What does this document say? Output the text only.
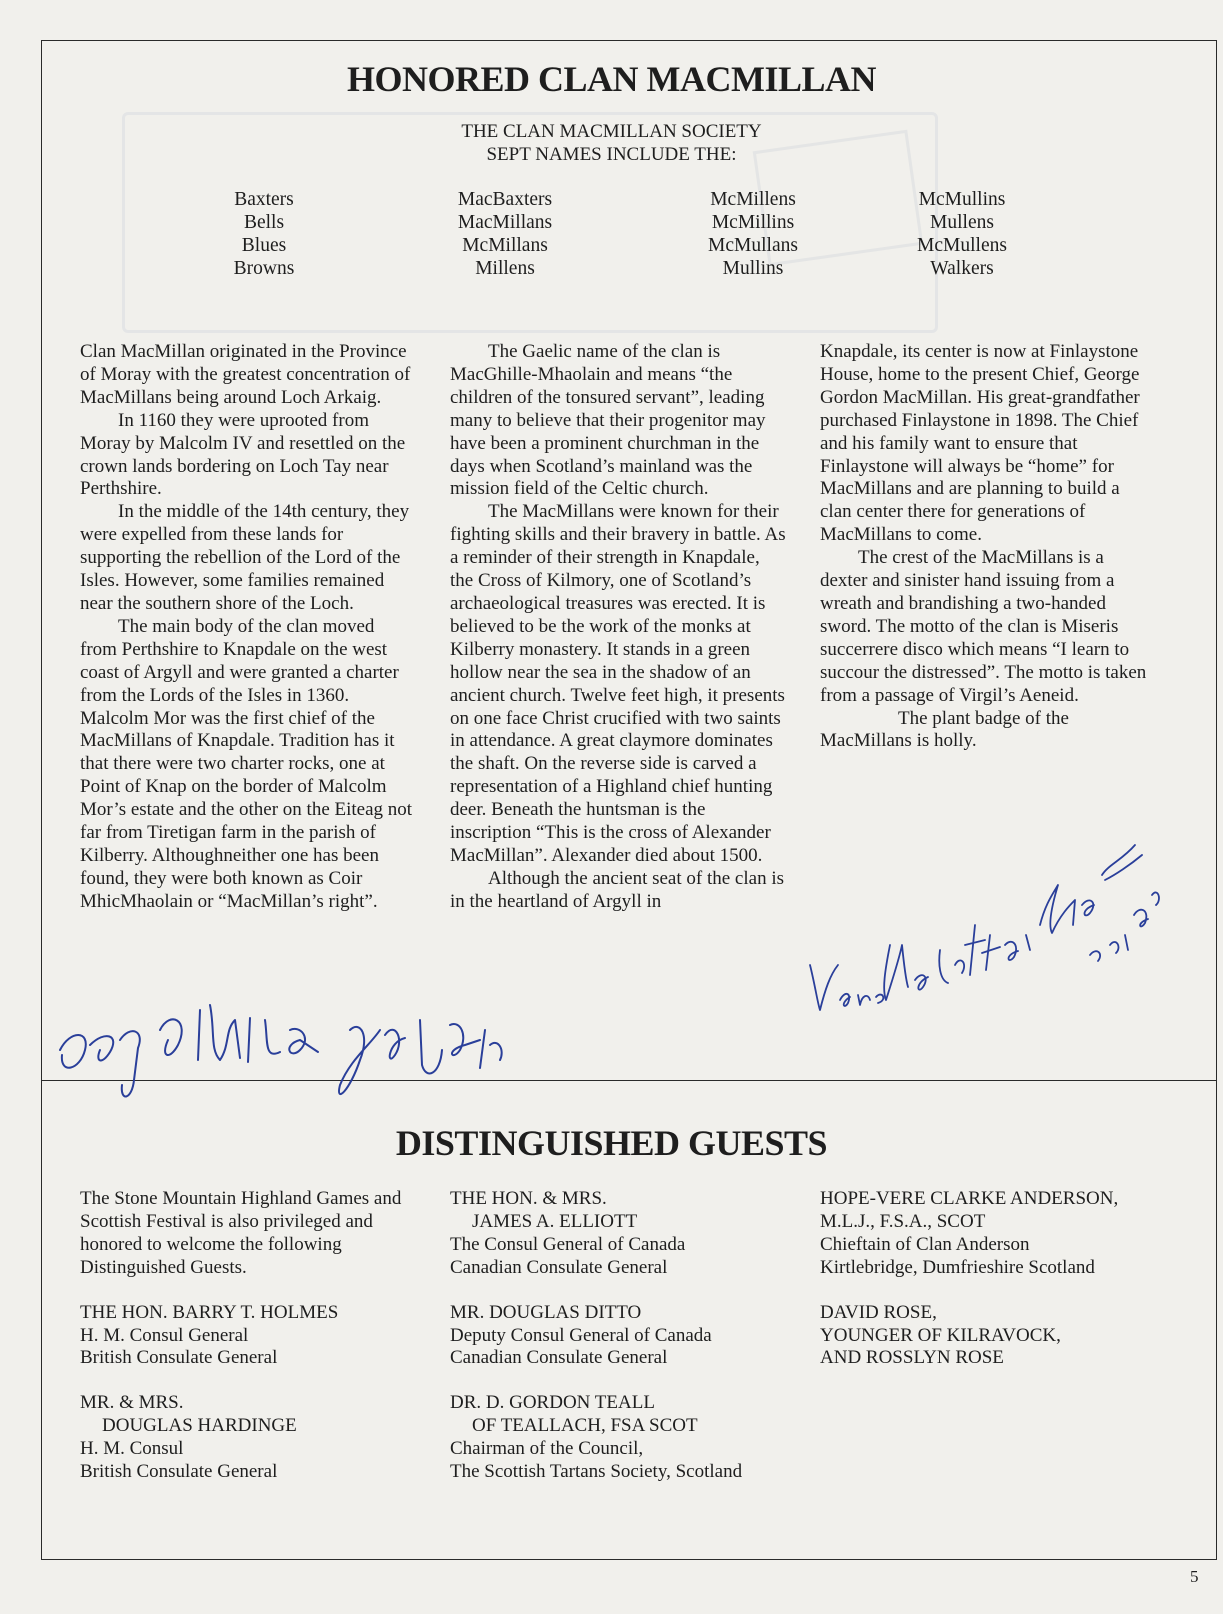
HONORED CLAN MACMILLAN
THE CLAN MACMILLAN SOCIETY
SEPT NAMES INCLUDE THE:
Baxters
Bells
Blues
Browns
MacBaxters
MacMillans
McMillans
Millens
McMillens
McMillins
McMullans
Mullins
McMullins
Mullens
McMullens
Walkers

Clan MacMillan originated in the Province of Moray with the greatest concentration of MacMillans being around Loch Arkaig.

In 1160 they were uprooted from Moray by Malcolm IV and resettled on the crown lands bordering on Loch Tay near Perthshire.

In the middle of the 14th century, they were expelled from these lands for supporting the rebellion of the Lord of the Isles. However, some families remained near the southern shore of the Loch.

The main body of the clan moved from Perthshire to Knapdale on the west coast of Argyll and were granted a charter from the Lords of the Isles in 1360. Malcolm Mor was the first chief of the MacMillans of Knapdale. Tradition has it that there were two charter rocks, one at Point of Knap on the border of Malcolm Mor’s estate and the other on the Eiteag not far from Tiretigan farm in the parish of Kilberry. Althoughneither one has been found, they were both known as Coir MhicMhaolain or “MacMillan’s right”.

The Gaelic name of the clan is MacGhille-Mhaolain and means “the children of the tonsured servant”, leading many to believe that their progenitor may have been a prominent churchman in the days when Scotland’s mainland was the mission field of the Celtic church.

The MacMillans were known for their fighting skills and their bravery in battle. As a reminder of their strength in Knapdale, the Cross of Kilmory, one of Scotland’s archaeological treasures was erected. It is believed to be the work of the monks at Kilberry monastery. It stands in a green hollow near the sea in the shadow of an ancient church. Twelve feet high, it presents on one face Christ crucified with two saints in attendance. A great claymore dominates the shaft. On the reverse side is carved a representation of a Highland chief hunting deer. Beneath the huntsman is the inscription “This is the cross of Alexander MacMillan”. Alexander died about 1500.

Although the ancient seat of the clan is in the heartland of Argyll in

Knapdale, its center is now at Finlaystone House, home to the present Chief, George Gordon MacMillan. His great-grandfather purchased Finlaystone in 1898. The Chief and his family want to ensure that Finlaystone will always be “home” for MacMillans and are planning to build a clan center there for generations of MacMillans to come.

The crest of the MacMillans is a dexter and sinister hand issuing from a wreath and brandishing a two-handed sword. The motto of the clan is Miseris succerrere disco which means “I learn to succour the distressed”. The motto is taken from a passage of Virgil’s Aeneid.

The plant badge of the MacMillans is holly.

DISTINGUISHED GUESTS
The Stone Mountain Highland Games and Scottish Festival is also privileged and honored to welcome the following Distinguished Guests.
THE HON. BARRY T. HOLMES
H. M. Consul General
British Consulate General
MR. & MRS.
DOUGLAS HARDINGE
H. M. Consul
British Consulate General
THE HON. & MRS.
JAMES A. ELLIOTT
The Consul General of Canada
Canadian Consulate General
MR. DOUGLAS DITTO
Deputy Consul General of Canada
Canadian Consulate General
DR. D. GORDON TEALL
OF TEALLACH, FSA SCOT
Chairman of the Council,
The Scottish Tartans Society, Scotland
HOPE-VERE CLARKE ANDERSON,
M.L.J., F.S.A., SCOT
Chieftain of Clan Anderson
Kirtlebridge, Dumfrieshire Scotland
DAVID ROSE,
YOUNGER OF KILRAVOCK,
AND ROSSLYN ROSE
5
